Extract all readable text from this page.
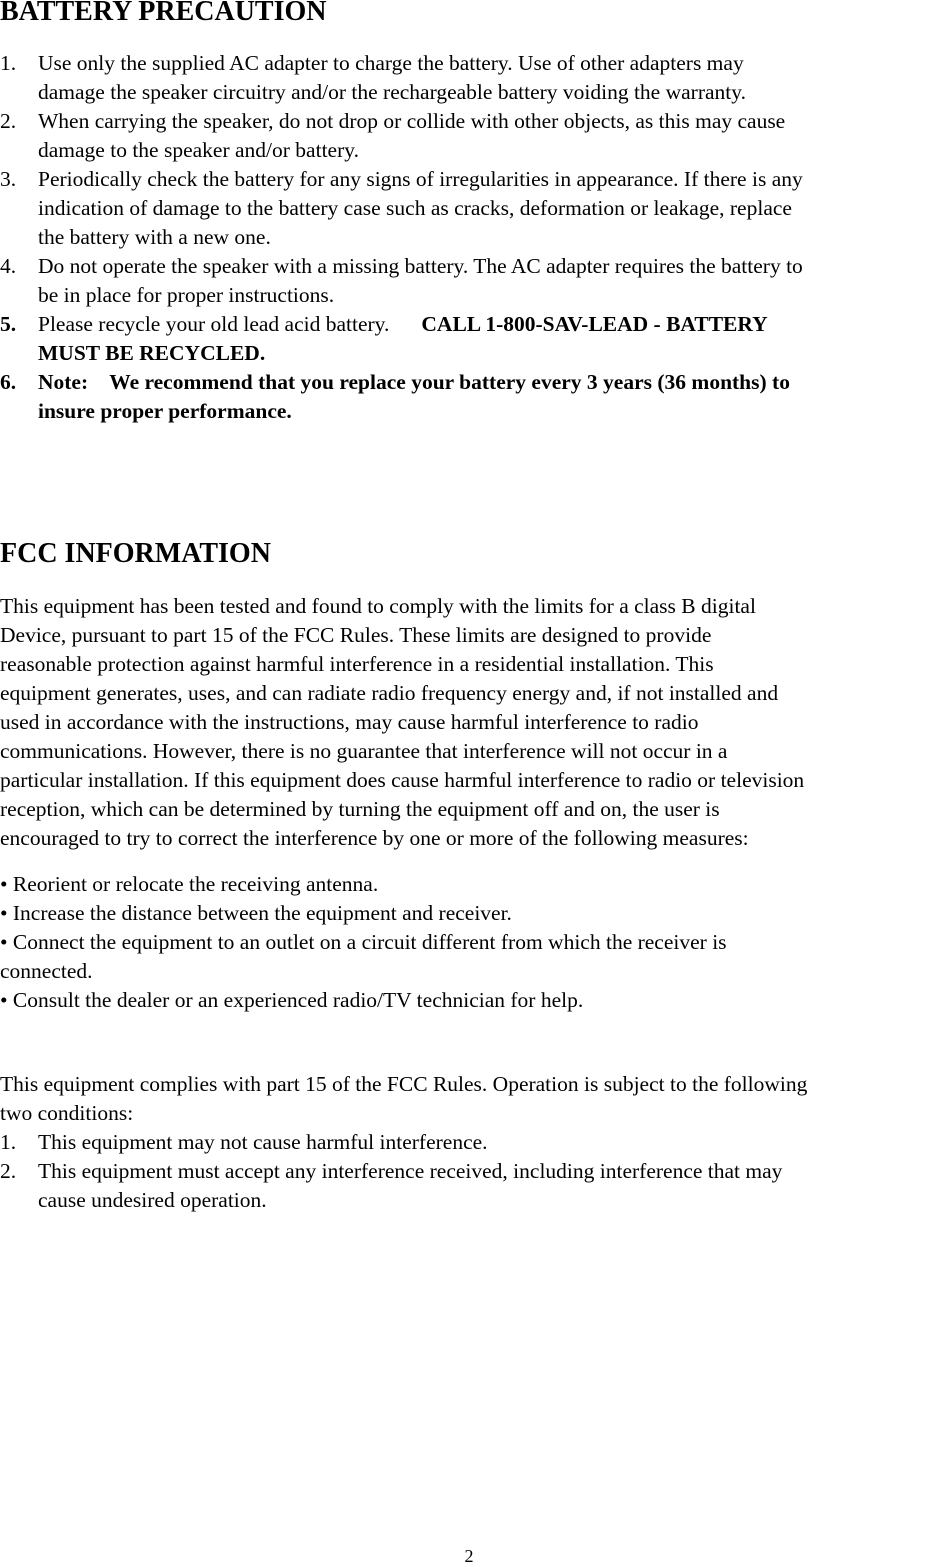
BATTERY PRECAUTION
1. Use only the supplied AC adapter to charge the battery. Use of other adapters may
damage the speaker circuitry and/or the rechargeable battery voiding the warranty.
2. When carrying the speaker, do not drop or collide with other objects, as this may cause
damage to the speaker and/or battery.
3. Periodically check the battery for any signs of irregularities in appearance. If there is any
indication of damage to the battery case such as cracks, deformation or leakage, replace
the battery with a new one.
4. Do not operate the speaker with a missing battery. The AC adapter requires the battery to
be in place for proper instructions.
5. Please recycle your old lead acid battery. CALL 1-800-SAV-LEAD - BATTERY
MUST BE RECYCLED.
6. Note:    We recommend that you replace your battery every 3 years (36 months) to
insure proper performance.
FCC INFORMATION
This equipment has been tested and found to comply with the limits for a class B digital
Device, pursuant to part 15 of the FCC Rules. These limits are designed to provide
reasonable protection against harmful interference in a residential installation. This
equipment generates, uses, and can radiate radio frequency energy and, if not installed and
used in accordance with the instructions, may cause harmful interference to radio
communications. However, there is no guarantee that interference will not occur in a
particular installation. If this equipment does cause harmful interference to radio or television
reception, which can be determined by turning the equipment off and on, the user is
encouraged to try to correct the interference by one or more of the following measures:
• Reorient or relocate the receiving antenna.
• Increase the distance between the equipment and receiver.
• Connect the equipment to an outlet on a circuit different from which the receiver is
connected.
• Consult the dealer or an experienced radio/TV technician for help.
This equipment complies with part 15 of the FCC Rules. Operation is subject to the following
two conditions:
1. This equipment may not cause harmful interference.
2. This equipment must accept any interference received, including interference that may
cause undesired operation.
2
